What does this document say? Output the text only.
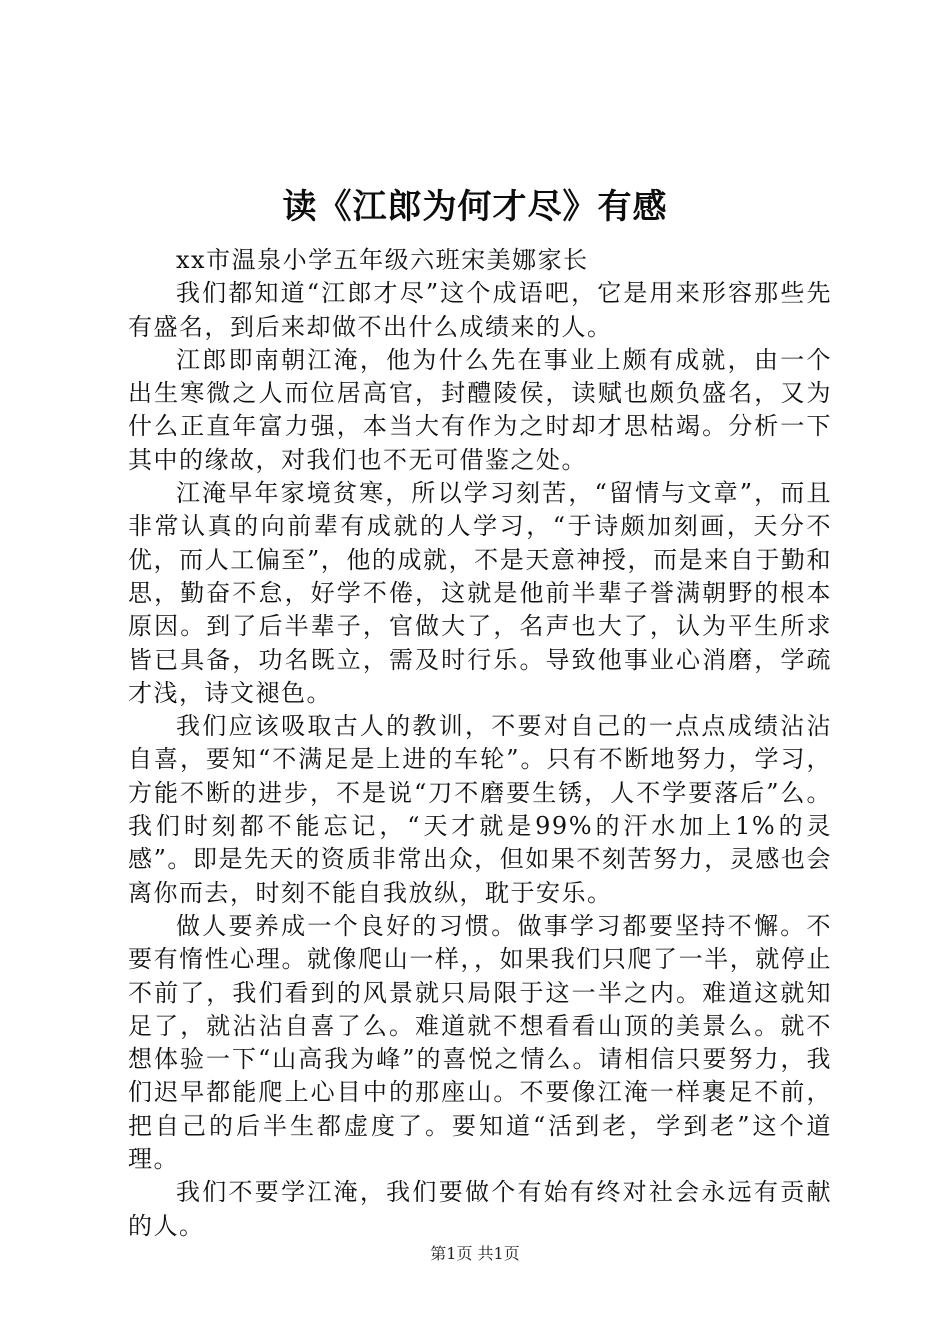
读《江郎为何才尽》有感

xx市温泉小学五年级六班宋美娜家长

我们都知道“江郎才尽”这个成语吧，它是用来形容那些先有盛名，到后来却做不出什么成绩来的人。

江郎即南朝江淹，他为什么先在事业上颇有成就，由一个出生寒微之人而位居高官，封醴陵侯，读赋也颇负盛名，又为什么正直年富力强，本当大有作为之时却才思枯竭。分析一下其中的缘故，对我们也不无可借鉴之处。

江淹早年家境贫寒，所以学习刻苦，“留情与文章”，而且非常认真的向前辈有成就的人学习，“于诗颇加刻画，天分不优，而人工偏至”，他的成就，不是天意神授，而是来自于勤和思，勤奋不怠，好学不倦，这就是他前半辈子誉满朝野的根本原因。到了后半辈子，官做大了，名声也大了，认为平生所求皆已具备，功名既立，需及时行乐。导致他事业心消磨，学疏才浅，诗文褪色。

我们应该吸取古人的教训，不要对自己的一点点成绩沾沾自喜，要知“不满足是上进的车轮”。只有不断地努力，学习，方能不断的进步，不是说“刀不磨要生锈，人不学要落后”么。我们时刻都不能忘记，“天才就是99%的汗水加上1%的灵感”。即是先天的资质非常出众，但如果不刻苦努力，灵感也会离你而去，时刻不能自我放纵，耽于安乐。

做人要养成一个良好的习惯。做事学习都要坚持不懈。不要有惰性心理。就像爬山一样，，如果我们只爬了一半，就停止不前了，我们看到的风景就只局限于这一半之内。难道这就知足了，就沾沾自喜了么。难道就不想看看山顶的美景么。就不想体验一下“山高我为峰”的喜悦之情么。请相信只要努力，我们迟早都能爬上心目中的那座山。不要像江淹一样裹足不前，把自己的后半生都虚度了。要知道“活到老，学到老”这个道理。

我们不要学江淹，我们要做个有始有终对社会永远有贡献的人。

第1页 共1页
